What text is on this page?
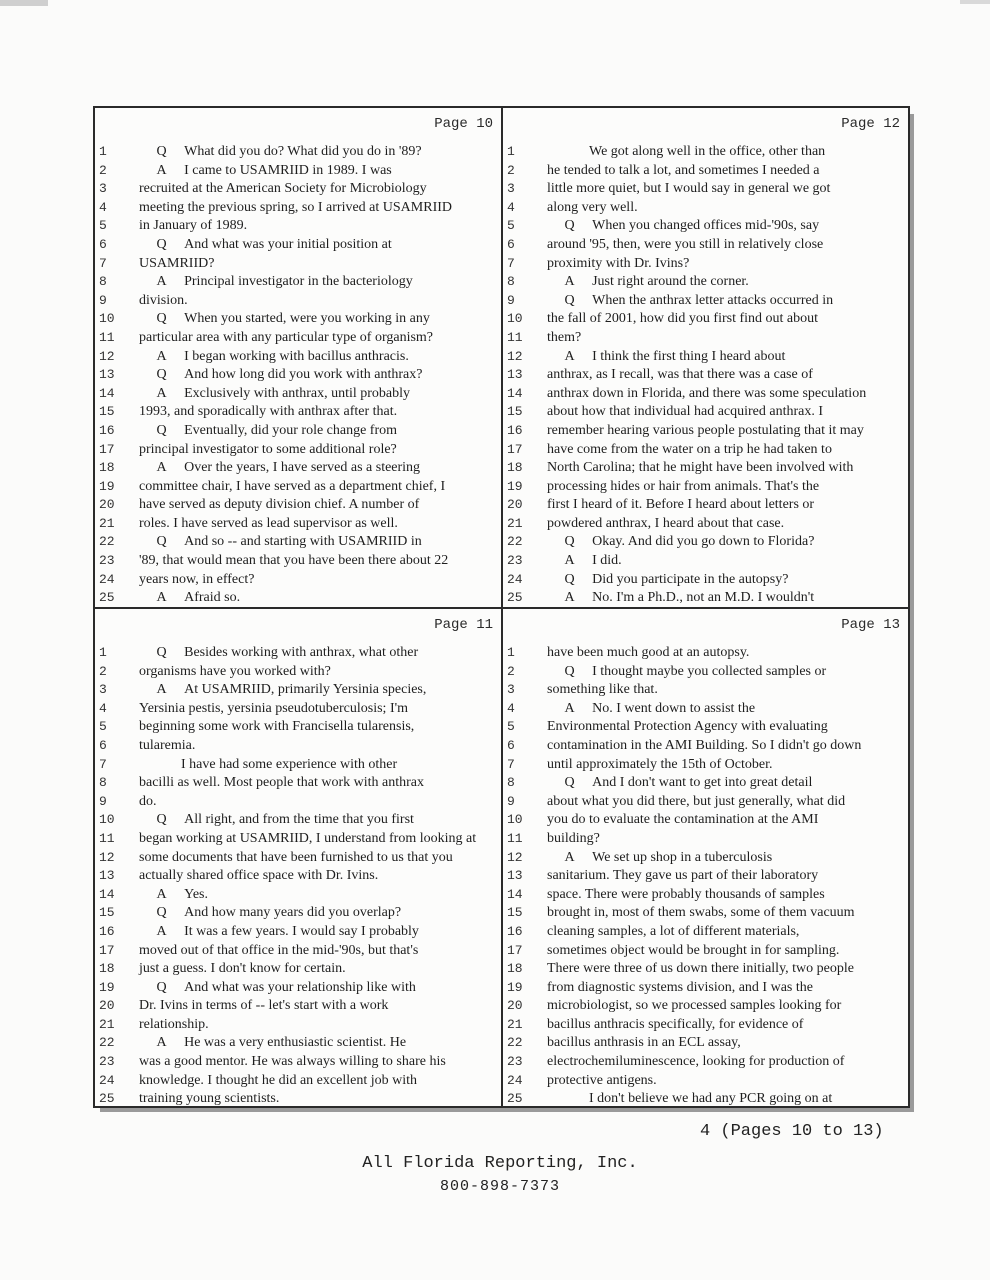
Page 10
1	Q     What did you do? What did you do in '89?
2	A     I came to USAMRIID in 1989. I was
3	recruited at the American Society for Microbiology
4	meeting the previous spring, so I arrived at USAMRIID
5	in January of 1989.
6	Q     And what was your initial position at
7	USAMRIID?
8	A     Principal investigator in the bacteriology
9	division.
10	Q     When you started, were you working in any
11	particular area with any particular type of organism?
12	A     I began working with bacillus anthracis.
13	Q     And how long did you work with anthrax?
14	A     Exclusively with anthrax, until probably
15	1993, and sporadically with anthrax after that.
16	Q     Eventually, did your role change from
17	principal investigator to some additional role?
18	A     Over the years, I have served as a steering
19	committee chair, I have served as a department chief, I
20	have served as deputy division chief. A number of
21	roles. I have served as lead supervisor as well.
22	Q     And so -- and starting with USAMRIID in
23	'89, that would mean that you have been there about 22
24	years now, in effect?
25	A     Afraid so.
Page 12
1	We got along well in the office, other than
2	he tended to talk a lot, and sometimes I needed a
3	little more quiet, but I would say in general we got
4	along very well.
5	Q     When you changed offices mid-'90s, say
6	around '95, then, were you still in relatively close
7	proximity with Dr. Ivins?
8	A     Just right around the corner.
9	Q     When the anthrax letter attacks occurred in
10	the fall of 2001, how did you first find out about
11	them?
12	A     I think the first thing I heard about
13	anthrax, as I recall, was that there was a case of
14	anthrax down in Florida, and there was some speculation
15	about how that individual had acquired anthrax. I
16	remember hearing various people postulating that it may
17	have come from the water on a trip he had taken to
18	North Carolina; that he might have been involved with
19	processing hides or hair from animals. That's the
20	first I heard of it. Before I heard about letters or
21	powdered anthrax, I heard about that case.
22	Q     Okay. And did you go down to Florida?
23	A     I did.
24	Q     Did you participate in the autopsy?
25	A     No. I'm a Ph.D., not an M.D. I wouldn't
Page 11
1	Q     Besides working with anthrax, what other
2	organisms have you worked with?
3	A     At USAMRIID, primarily Yersinia species,
4	Yersinia pestis, yersinia pseudotuberculosis; I'm
5	beginning some work with Francisella tularensis,
6	tularemia.
7	I have had some experience with other
8	bacilli as well. Most people that work with anthrax
9	do.
10	Q     All right, and from the time that you first
11	began working at USAMRIID, I understand from looking at
12	some documents that have been furnished to us that you
13	actually shared office space with Dr. Ivins.
14	A     Yes.
15	Q     And how many years did you overlap?
16	A     It was a few years. I would say I probably
17	moved out of that office in the mid-'90s, but that's
18	just a guess. I don't know for certain.
19	Q     And what was your relationship like with
20	Dr. Ivins in terms of -- let's start with a work
21	relationship.
22	A     He was a very enthusiastic scientist. He
23	was a good mentor. He was always willing to share his
24	knowledge. I thought he did an excellent job with
25	training young scientists.
Page 13
1	have been much good at an autopsy.
2	Q     I thought maybe you collected samples or
3	something like that.
4	A     No. I went down to assist the
5	Environmental Protection Agency with evaluating
6	contamination in the AMI Building. So I didn't go down
7	until approximately the 15th of October.
8	Q     And I don't want to get into great detail
9	about what you did there, but just generally, what did
10	you do to evaluate the contamination at the AMI
11	building?
12	A     We set up shop in a tuberculosis
13	sanitarium. They gave us part of their laboratory
14	space. There were probably thousands of samples
15	brought in, most of them swabs, some of them vacuum
16	cleaning samples, a lot of different materials,
17	sometimes object would be brought in for sampling.
18	There were three of us down there initially, two people
19	from diagnostic systems division, and I was the
20	microbiologist, so we processed samples looking for
21	bacillus anthracis specifically, for evidence of
22	bacillus anthrasis in an ECL assay,
23	electrochemiluminescence, looking for production of
24	protective antigens.
25	I don't believe we had any PCR going on at
4 (Pages 10 to 13)
All Florida Reporting, Inc.
800-898-7373
